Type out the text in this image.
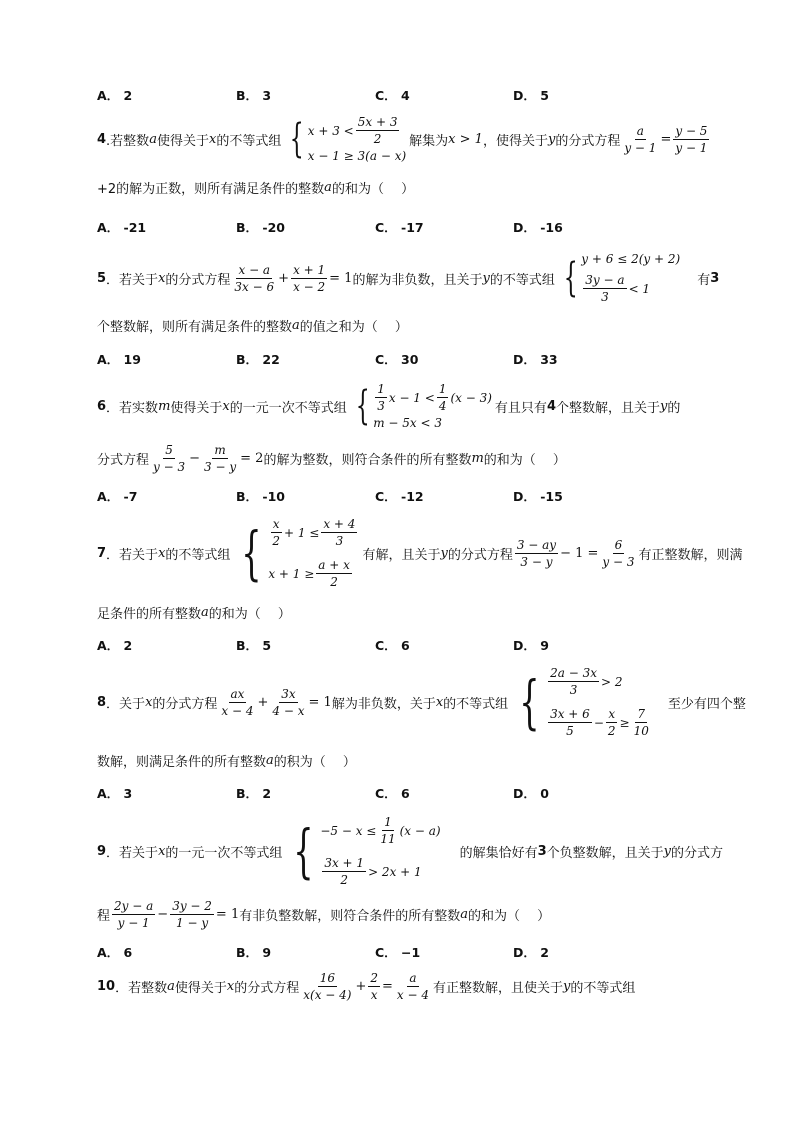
A． 2	B． 3	C． 4	D． 5
4 .若整数 a 使得关于 x 的不等式组 { $x + 3 < \frac{5x + 3}{2}$
x − 1 ≥ 3(a − x)
解集为 x > 1 ，使得关于 y 的分式方程 $\frac{a}{y - 1} = \frac{y - 5}{y - 1}$
+2的解为正数，则所有满足条件的整数 a 的和为（　 ）
A． -21	B． -20	C． -17	D． -16
5 ．若关于 x 的分式方程 $\frac{x - a}{3x - 6} + \frac{x + 1}{x - 2} = 1$ 的解为非负数，且关于 y 的不等式组 { y + 6 ≤ 2(y + 2)
$\frac{3y - a}{3} < 1$
有 3
个整数解，则所有满足条件的整数 a 的值之和为（　 ）
A． 19	B． 22	C． 30	D． 33
6 ．若实数 m 使得关于 x 的一元一次不等式组 { $\frac{1}{3}$ $x - 1 < \frac{1}{4} (x - 3)$
m − 5x < 3
有且只有 4 个整数解，且关于 y 的
分式方程 $\frac{5}{y - 3} - \frac{m}{3 - y} = 2$ 的解为整数，则符合条件的所有整数 m 的和为（　 ）
A． -7	B． -10	C． -12	D． -15
7 ．若关于 x 的不等式组 { $\frac{x}{2} + 1 \le \frac{x + 4}{3}$
$x + 1 \ge \frac{a + x}{2}$
有解，且关于 y 的分式方程 $\frac{3 - ay}{3 - y} - 1 = \frac{6}{y - 3}$ 有正整数解，则满
足条件的所有整数 a 的和为（　 ）
A． 2	B． 5	C． 6	D． 9
8 ．关于 x 的分式方程 $\frac{ax}{x - 4} + \frac{3x}{4 - x} = 1$ 解为非负数，关于 x 的不等式组 { $\frac{2a - 3x}{3} > 2$
$\frac{3x + 6}{5} - \frac{x}{2} \ge \frac{7}{10}$
至少有四个整
数解，则满足条件的所有整数 a 的积为（　 ）
A． 3	B． 2	C． 6	D． 0
9 ．若关于 x 的一元一次不等式组 { $-5 - x \le \frac{1}{11} (x - a)$
$\frac{3x + 1}{2} > 2x + 1$
的解集恰好有 3 个负整数解，且关于 y 的分式方
程 $\frac{2y - a}{y - 1} - \frac{3y - 2}{1 - y} = 1$ 有非负整数解，则符合条件的所有整数 a 的和为（　 ）
A． 6	B． 9	C． −1	D． 2
10 ．若整数 a 使得关于 x 的分式方程 $\frac{16}{x(x - 4)} + \frac{2}{x} = \frac{a}{x - 4}$ 有正整数解，且使关于 y 的不等式组
